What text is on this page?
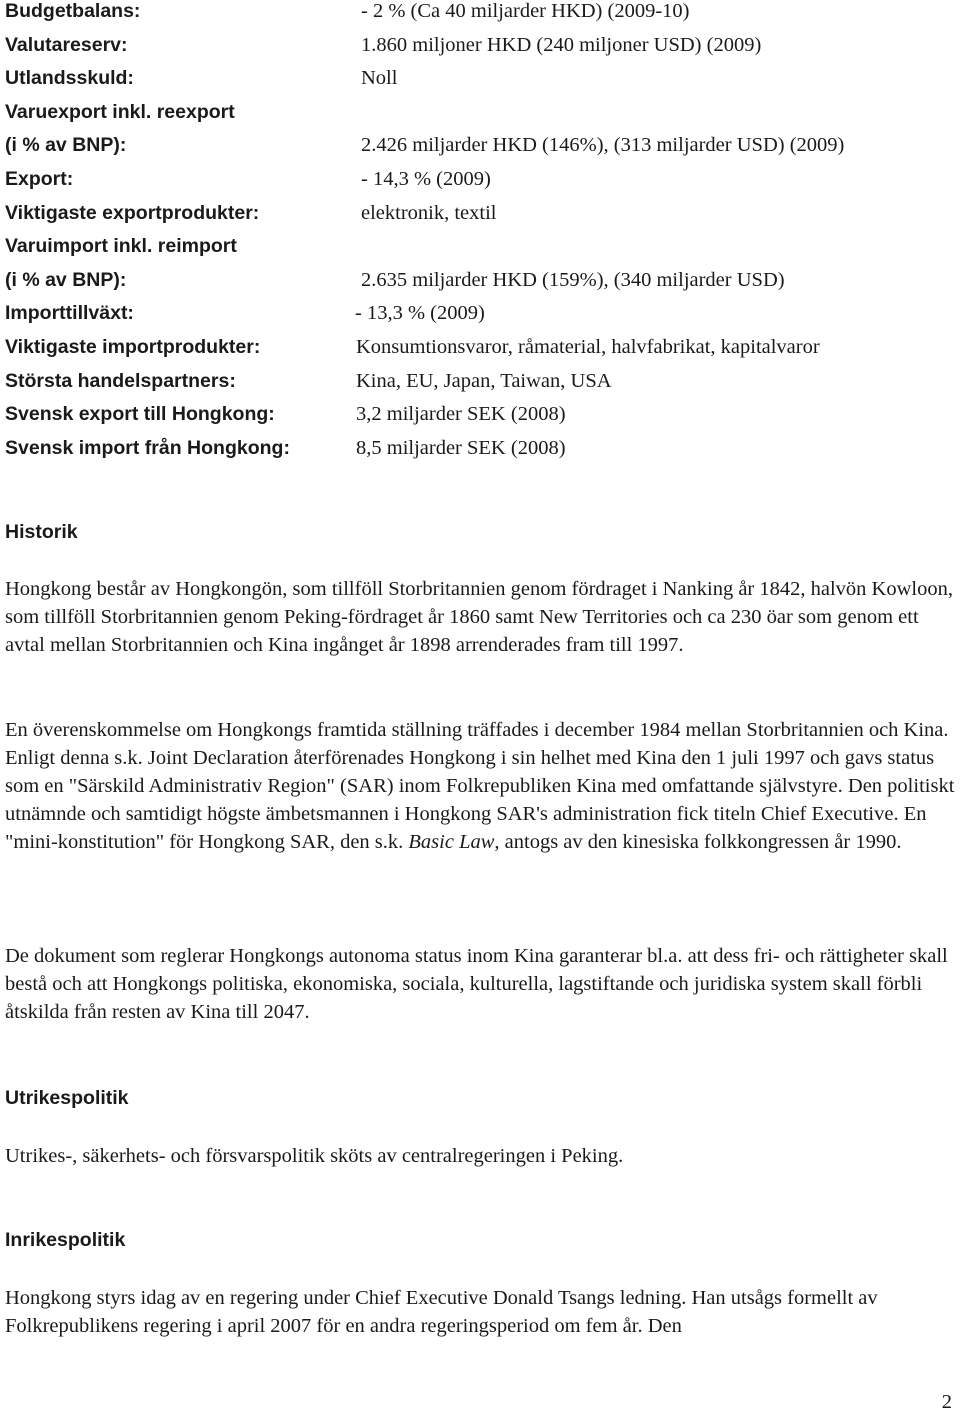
Budgetbalans:	- 2 % (Ca 40 miljarder HKD) (2009-10)
Valutareserv:	1.860 miljoner HKD (240 miljoner USD) (2009)
Utlandsskuld:	Noll
Varuexport inkl. reexport
(i % av BNP):	2.426 miljarder HKD (146%), (313 miljarder USD) (2009)
Export:	- 14,3 % (2009)
Viktigaste exportprodukter:	elektronik, textil
Varuimport inkl. reimport
(i % av BNP):	2.635 miljarder HKD (159%), (340 miljarder USD)
Importtillväxt:	- 13,3 % (2009)
Viktigaste importprodukter:	Konsumtionsvaror, råmaterial, halvfabrikat, kapitalvaror
Största handelspartners:	Kina, EU, Japan, Taiwan, USA
Svensk export till Hongkong:	3,2 miljarder SEK (2008)
Svensk import från Hongkong:	8,5 miljarder SEK (2008)
Historik

Hongkong består av Hongkongön, som tillföll Storbritannien genom fördraget i Nanking år 1842, halvön Kowloon, som tillföll Storbritannien genom Peking-fördraget år 1860 samt New Territories och ca 230 öar som genom ett avtal mellan Storbritannien och Kina ingånget år 1898 arrenderades fram till 1997.

En överenskommelse om Hongkongs framtida ställning träffades i december 1984 mellan Storbritannien och Kina. Enligt denna s.k. Joint Declaration återförenades Hongkong i sin helhet med Kina den 1 juli 1997 och gavs status som en "Särskild Administrativ Region" (SAR) inom Folkrepubliken Kina med omfattande självstyre. Den politiskt utnämnde och samtidigt högste ämbetsmannen i Hongkong SAR's administration fick titeln Chief Executive. En "mini-konstitution" för Hongkong SAR, den s.k. Basic Law, antogs av den kinesiska folkkongressen år 1990.

De dokument som reglerar Hongkongs autonoma status inom Kina garanterar bl.a. att dess fri- och rättigheter skall bestå och att Hongkongs politiska, ekonomiska, sociala, kulturella, lagstiftande och juridiska system skall förbli åtskilda från resten av Kina till 2047.

Utrikespolitik

Utrikes-, säkerhets- och försvarspolitik sköts av centralregeringen i Peking.

Inrikespolitik

Hongkong styrs idag av en regering under Chief Executive Donald Tsangs ledning. Han utsågs formellt av Folkrepublikens regering i april 2007 för en andra regeringsperiod om fem år. Den

2
